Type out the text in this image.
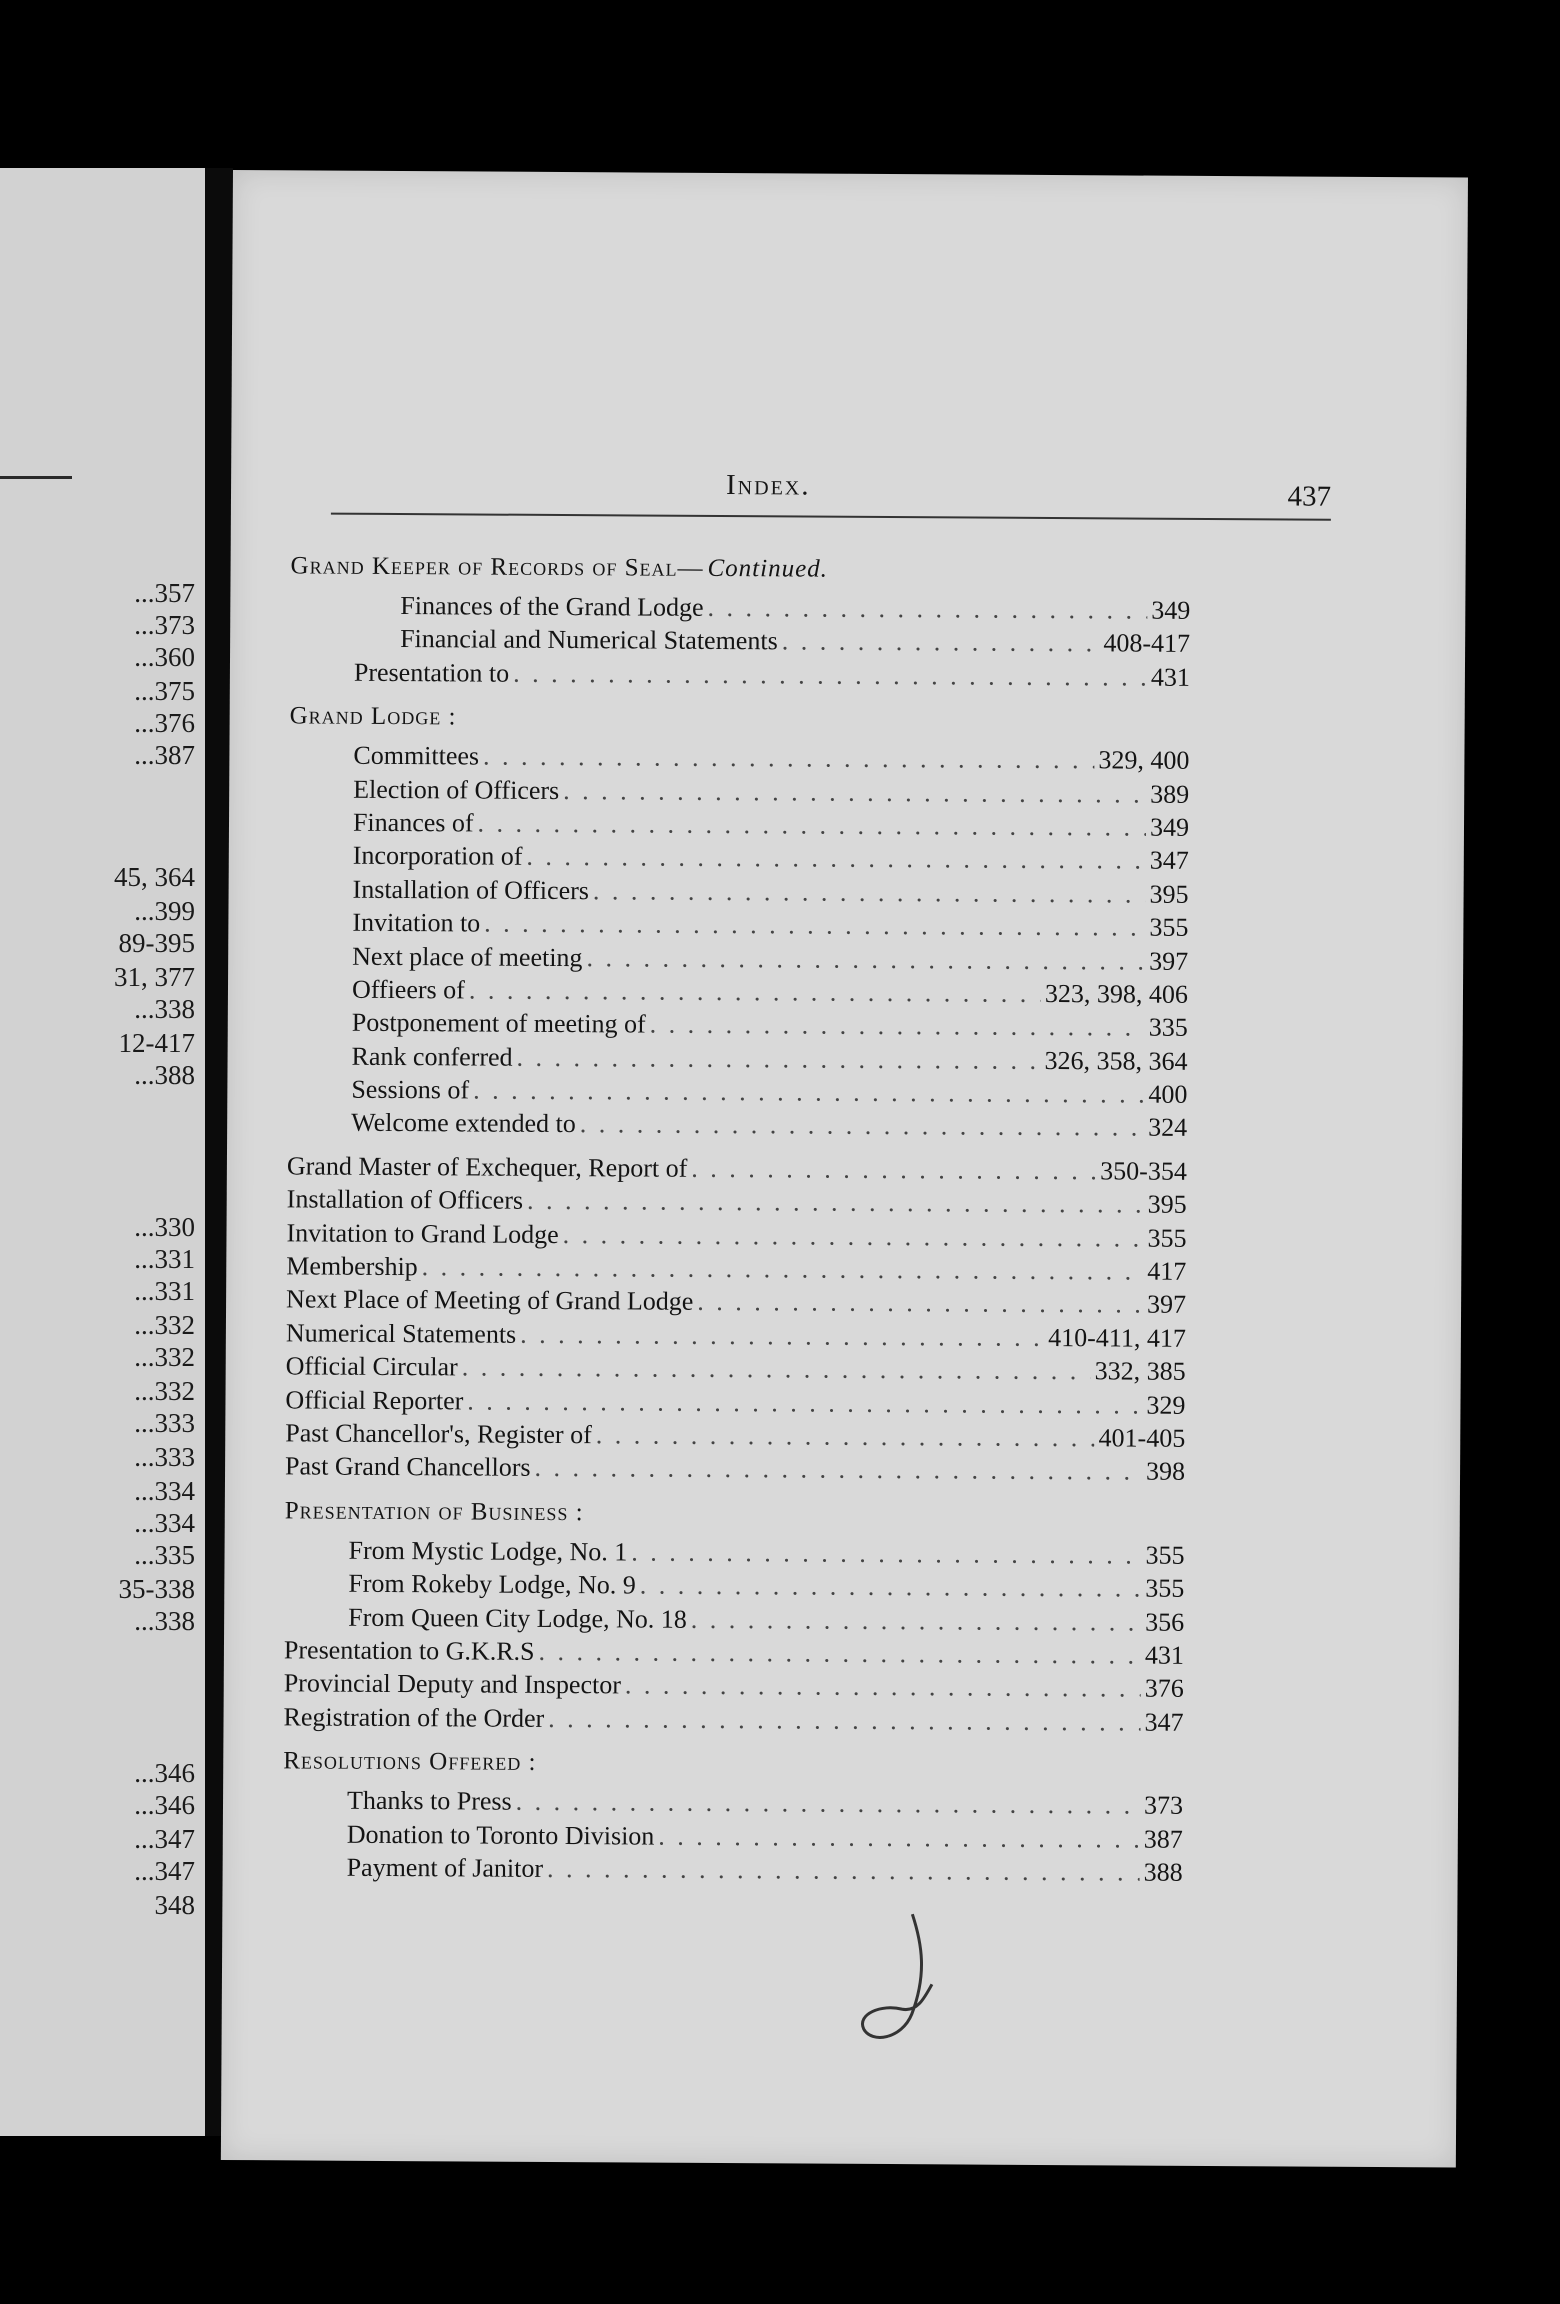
...357
...373
...360
...375
...376
...387
45, 364
...399
89-395
31, 377
...338
12-417
...388
...330
...331
...331
...332
...332
...332
...333
...333
...334
...334
...335
35-338
...338
...346
...346
...347
...347
348
Index.	437
Grand Keeper of Records of Seal— Continued.
Finances of the Grand Lodge . . .	349
Financial and Numerical Statements . . .	408-417
Presentation to . . .	431
Grand Lodge :
Committees . . .	329, 400
Election of Officers . . .	389
Finances of . . .	349
Incorporation of . . .	347
Installation of Officers . . .	395
Invitation to . . .	355
Next place of meeting . . .	397
Offieers of . . .	323, 398, 406
Postponement of meeting of . . .	335
Rank conferred . . .	326, 358, 364
Sessions of . . .	400
Welcome extended to . . .	324
Grand Master of Exchequer, Report of . . .	350-354
Installation of Officers . . .	395
Invitation to Grand Lodge . . .	355
Membership . . .	417
Next Place of Meeting of Grand Lodge . . .	397
Numerical Statements . . .	410-411, 417
Official Circular . . .	332, 385
Official Reporter . . .	329
Past Chancellor's, Register of . . .	401-405
Past Grand Chancellors . . .	398
Presentation of Business :
From Mystic Lodge, No. 1 . . .	355
From Rokeby Lodge, No. 9 . . .	355
From Queen City Lodge, No. 18 . . .	356
Presentation to G.K.R.S . . .	431
Provincial Deputy and Inspector . . .	376
Registration of the Order . . .	347
Resolutions Offered :
Thanks to Press . . .	373
Donation to Toronto Division . . .	387
Payment of Janitor . . .	388
